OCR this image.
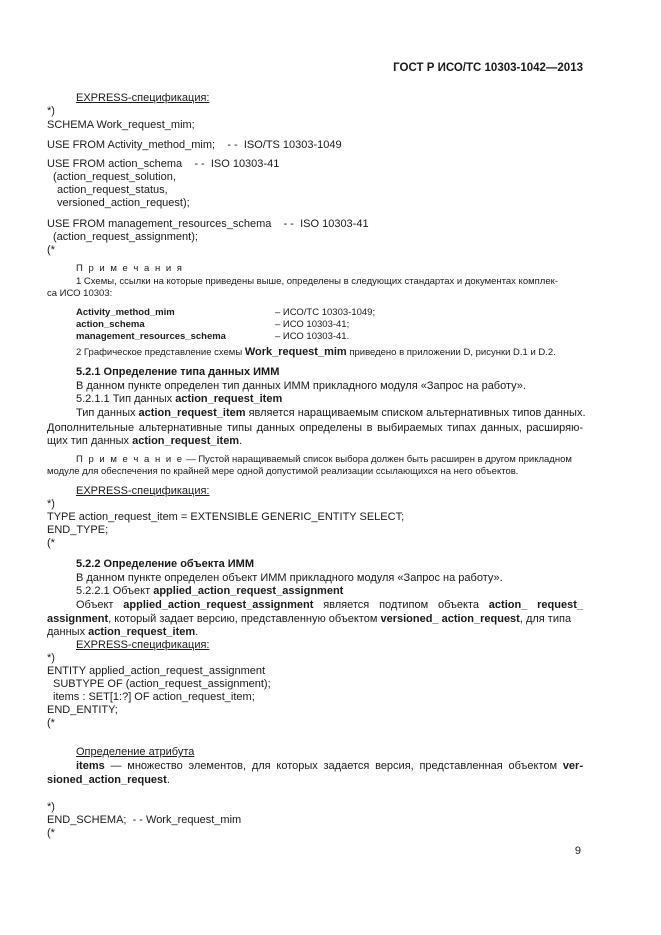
ГОСТ Р ИСО/ТС 10303-1042—2013
EXPRESS-спецификация:
*)
SCHEMA Work_request_mim;
USE FROM Activity_method_mim;    - -  ISO/TS 10303-1049
USE FROM action_schema    - -  ISO 10303-41
(action_request_solution,
action_request_status,
versioned_action_request);
USE FROM management_resources_schema    - -  ISO 10303-41
(action_request_assignment);
(*
П р и м е ч а н и я
1 Схемы, ссылки на которые приведены выше, определены в следующих стандартах и документах комплек-
са ИСО 10303:
Activity_method_mim	– ИСО/ТС 10303-1049;
action_schema	– ИСО 10303-41;
management_resources_schema	– ИСО 10303-41.
2 Графическое представление схемы Work_request_mim приведено в приложении D, рисунки D.1 и D.2.
5.2.1 Определение типа данных ИММ
В данном пункте определен тип данных ИММ прикладного модуля «Запрос на работу».
5.2.1.1 Тип данных action_request_item
Тип данных action_request_item является наращиваемым списком альтернативных типов данных.
Дополнительные альтернативные типы данных определены в выбираемых типах данных, расширяю-
щих тип данных action_request_item.
П р и м е ч а н и е — Пустой наращиваемый список выбора должен быть расширен в другом прикладном
модуле для обеспечения по крайней мере одной допустимой реализации ссылающихся на него объектов.
EXPRESS-спецификация:
*)
TYPE action_request_item = EXTENSIBLE GENERIC_ENTITY SELECT;
END_TYPE;
(*
5.2.2 Определение объекта ИММ
В данном пункте определен объект ИММ прикладного модуля «Запрос на работу».
5.2.2.1 Объект applied_action_request_assignment
Объект applied_action_request_assignment является подтипом объекта action_ request_
assignment, который задает версию, представленную объектом versioned_ action_request, для типа
данных action_request_item.
EXPRESS-спецификация:
*)
ENTITY applied_action_request_assignment
SUBTYPE OF (action_request_assignment);
items : SET[1:?] OF action_request_item;
END_ENTITY;
(*
Определение атрибута
items — множество элементов, для которых задается версия, представленная объектом ver-
sioned_action_request.
*)
END_SCHEMA;  - - Work_request_mim
(*
9
